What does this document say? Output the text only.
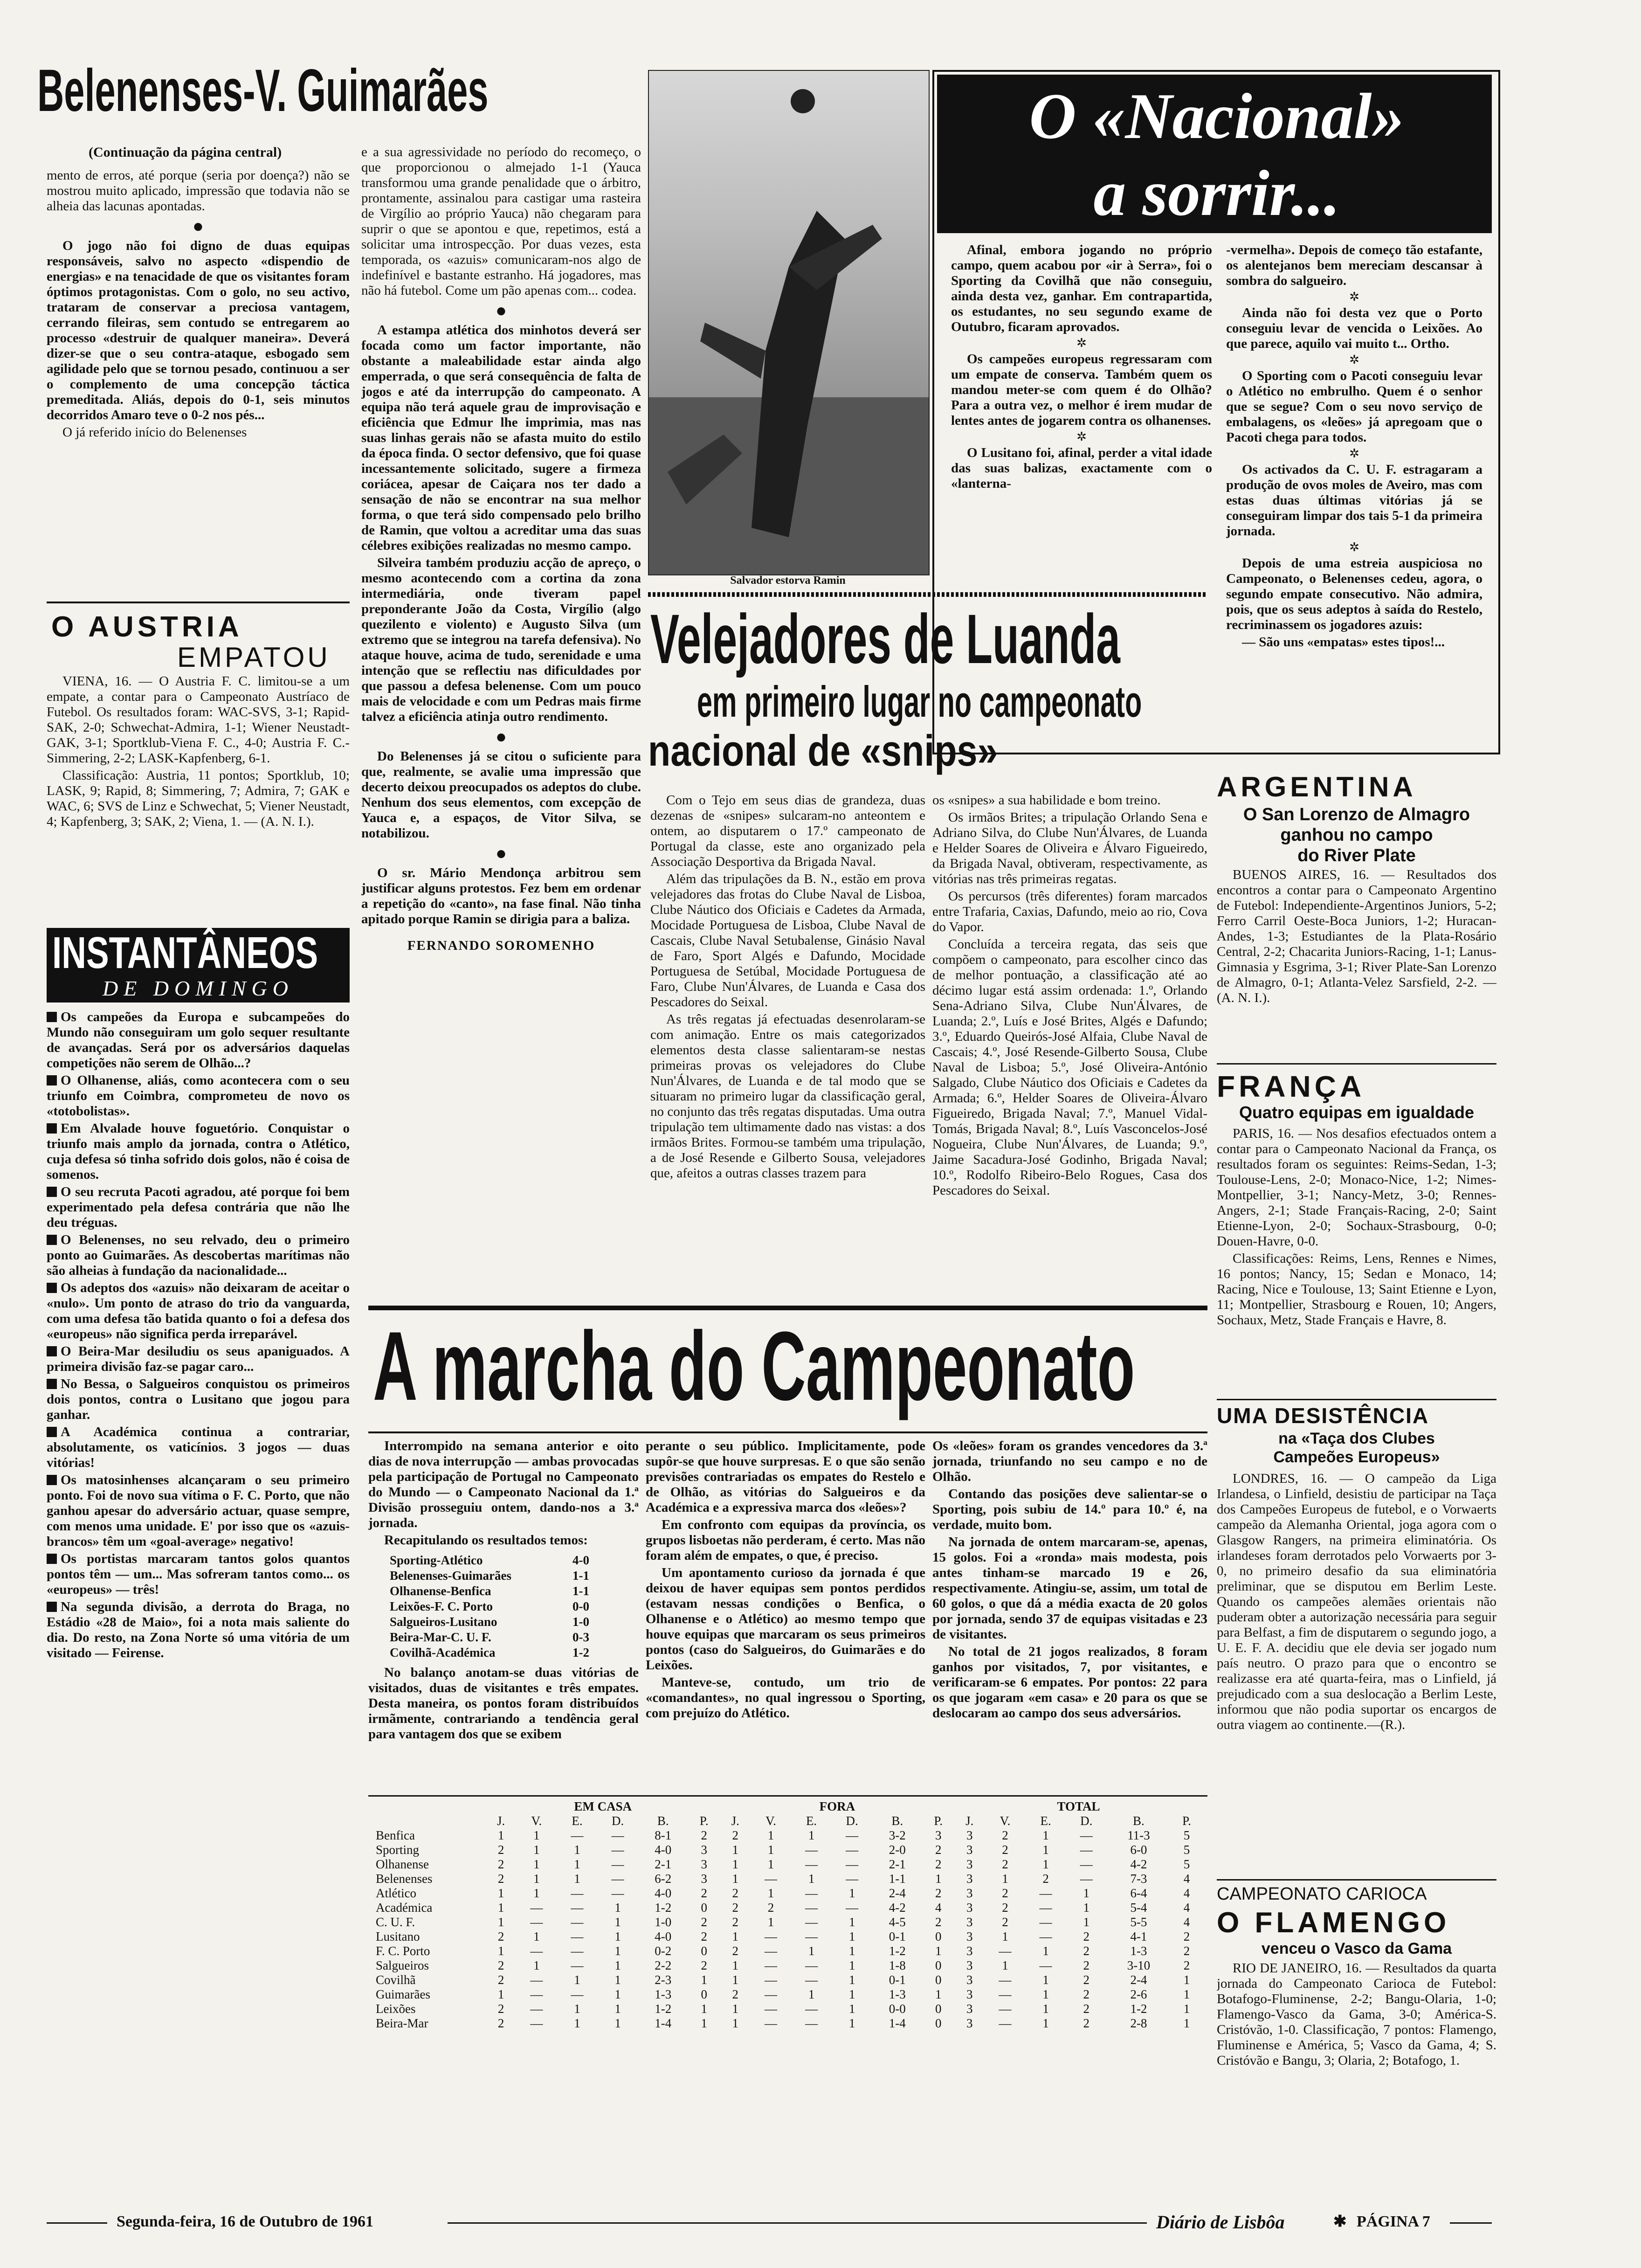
Belenenses-V. Guimarães
(Continuação da página central)

mento de erros, até porque (seria por doença?) não se mostrou muito aplicado, impressão que todavia não se alheia das lacunas apontadas.

●

O jogo não foi digno de duas equipas responsáveis, salvo no aspecto «dispendio de energias» e na tenacidade de que os visitantes foram óptimos protagonistas. Com o golo, no seu activo, trataram de conservar a preciosa vantagem, cerrando fileiras, sem contudo se entregarem ao processo «destruir de qualquer maneira». Deverá dizer-se que o seu contra-ataque, esbogado sem agilidade pelo que se tornou pesado, continuou a ser o complemento de uma concepção táctica premeditada. Aliás, depois do 0-1, seis minutos decorridos Amaro teve o 0-2 nos pés...

O já referido início do Belenenses

e a sua agressividade no período do recomeço, o que proporcionou o almejado 1-1 (Yauca transformou uma grande penalidade que o árbitro, prontamente, assinalou para castigar uma rasteira de Virgílio ao próprio Yauca) não chegaram para suprir o que se apontou e que, repetimos, está a solicitar uma introspecção. Por duas vezes, esta temporada, os «azuis» comunicaram-nos algo de indefinível e bastante estranho. Há jogadores, mas não há futebol. Come um pão apenas com... codea.

●

A estampa atlética dos minhotos deverá ser focada como um factor importante, não obstante a maleabilidade estar ainda algo emperrada, o que será consequência de falta de jogos e até da interrupção do campeonato. A equipa não terá aquele grau de improvisação e eficiência que Edmur lhe imprimia, mas nas suas linhas gerais não se afasta muito do estilo da época finda. O sector defensivo, que foi quase incessantemente solicitado, sugere a firmeza coriácea, apesar de Caiçara nos ter dado a sensação de não se encontrar na sua melhor forma, o que terá sido compensado pelo brilho de Ramin, que voltou a acreditar uma das suas célebres exibições realizadas no mesmo campo.

Silveira também produziu acção de apreço, o mesmo acontecendo com a cortina da zona intermediária, onde tiveram papel preponderante João da Costa, Virgílio (algo quezilento e violento) e Augusto Silva (um extremo que se integrou na tarefa defensiva). No ataque houve, acima de tudo, serenidade e uma intenção que se reflectiu nas dificuldades por que passou a defesa belenense. Com um pouco mais de velocidade e com um Pedras mais firme talvez a eficiência atinja outro rendimento.

●

Do Belenenses já se citou o suficiente para que, realmente, se avalie uma impressão que decerto deixou preocupados os adeptos do clube. Nenhum dos seus elementos, com excepção de Yauca e, a espaços, de Vitor Silva, se notabilizou.

●

O sr. Mário Mendonça arbitrou sem justificar alguns protestos. Fez bem em ordenar a repetição do «canto», na fase final. Não tinha apitado porque Ramin se dirigia para a baliza.

FERNANDO SOROMENHO
Salvador estorva Ramin
O «Nacional»
a sorrir...

Afinal, embora jogando no próprio campo, quem acabou por «ir à Serra», foi o Sporting da Covilhã que não conseguiu, ainda desta vez, ganhar. Em contrapartida, os estudantes, no seu segundo exame de Outubro, ficaram aprovados.

✲

Os campeões europeus regressaram com um empate de conserva. Também quem os mandou meter-se com quem é do Olhão? Para a outra vez, o melhor é irem mudar de lentes antes de jogarem contra os olhanenses.

✲

O Lusitano foi, afinal, perder a vital idade das suas balizas, exactamente com o «lanterna-

-vermelha». Depois de começo tão estafante, os alentejanos bem mereciam descansar à sombra do salgueiro.

✲

Ainda não foi desta vez que o Porto conseguiu levar de vencida o Leixões. Ao que parece, aquilo vai muito t... Ortho.

✲

O Sporting com o Pacoti conseguiu levar o Atlético no embrulho. Quem é o senhor que se segue? Com o seu novo serviço de embalagens, os «leões» já apregoam que o Pacoti chega para todos.

✲

Os activados da C. U. F. estragaram a produção de ovos moles de Aveiro, mas com estas duas últimas vitórias já se conseguiram limpar dos tais 5-1 da primeira jornada.

✲

Depois de uma estreia auspiciosa no Campeonato, o Belenenses cedeu, agora, o segundo empate consecutivo. Não admira, pois, que os seus adeptos à saída do Restelo, recriminassem os jogadores azuis:

— São uns «empatas» estes tipos!...

O AUSTRIA
EMPATOU

VIENA, 16. — O Austria F. C. limitou-se a um empate, a contar para o Campeonato Austríaco de Futebol. Os resultados foram: WAC-SVS, 3-1; Rapid-SAK, 2-0; Schwechat-Admira, 1-1; Wiener Neustadt-GAK, 3-1; Sportklub-Viena F. C., 4-0; Austria F. C.-Simmering, 2-2; LASK-Kapfenberg, 6-1.

Classificação: Austria, 11 pontos; Sportklub, 10; LASK, 9; Rapid, 8; Simmering, 7; Admira, 7; GAK e WAC, 6; SVS de Linz e Schwechat, 5; Viener Neustadt, 4; Kapfenberg, 3; SAK, 2; Viena, 1. — (A. N. I.).

INSTANTÂNEOS
DE DOMINGO

Os campeões da Europa e subcampeões do Mundo não conseguiram um golo sequer resultante de avançadas. Será por os adversários daquelas competições não serem de Olhão...?

O Olhanense, aliás, como acontecera com o seu triunfo em Coimbra, comprometeu de novo os «totobolistas».

Em Alvalade houve foguetório. Conquistar o triunfo mais amplo da jornada, contra o Atlético, cuja defesa só tinha sofrido dois golos, não é coisa de somenos.

O seu recruta Pacoti agradou, até porque foi bem experimentado pela defesa contrária que não lhe deu tréguas.

O Belenenses, no seu relvado, deu o primeiro ponto ao Guimarães. As descobertas marítimas não são alheias à fundação da nacionalidade...

Os adeptos dos «azuis» não deixaram de aceitar o «nulo». Um ponto de atraso do trio da vanguarda, com uma defesa tão batida quanto o foi a defesa dos «europeus» não significa perda irreparável.

O Beira-Mar desiludiu os seus apaniguados. A primeira divisão faz-se pagar caro...

No Bessa, o Salgueiros conquistou os primeiros dois pontos, contra o Lusitano que jogou para ganhar.

A Académica continua a contrariar, absolutamente, os vaticínios. 3 jogos — duas vitórias!

Os matosinhenses alcançaram o seu primeiro ponto. Foi de novo sua vítima o F. C. Porto, que não ganhou apesar do adversário actuar, quase sempre, com menos uma unidade. E' por isso que os «azuis-brancos» têm um «goal-average» negativo!

Os portistas marcaram tantos golos quantos pontos têm — um... Mas sofreram tantos como... os «europeus» — três!

Na segunda divisão, a derrota do Braga, no Estádio «28 de Maio», foi a nota mais saliente do dia. Do resto, na Zona Norte só uma vitória de um visitado — Feirense.

Velejadores de Luanda
em primeiro lugar no campeonato
nacional de «snips»

Com o Tejo em seus dias de grandeza, duas dezenas de «snipes» sulcaram-no anteontem e ontem, ao disputarem o 17.º campeonato de Portugal da classe, este ano organizado pela Associação Desportiva da Brigada Naval.

Além das tripulações da B. N., estão em prova velejadores das frotas do Clube Naval de Lisboa, Clube Náutico dos Oficiais e Cadetes da Armada, Mocidade Portuguesa de Lisboa, Clube Naval de Cascais, Clube Naval Setubalense, Ginásio Naval de Faro, Sport Algés e Dafundo, Mocidade Portuguesa de Setúbal, Mocidade Portuguesa de Faro, Clube Nun'Álvares, de Luanda e Casa dos Pescadores do Seixal.

As três regatas já efectuadas desenrolaram-se com animação. Entre os mais categorizados elementos desta classe salientaram-se nestas primeiras provas os velejadores do Clube Nun'Álvares, de Luanda e de tal modo que se situaram no primeiro lugar da classificação geral, no conjunto das três regatas disputadas. Uma outra tripulação tem ultimamente dado nas vistas: a dos irmãos Brites. Formou-se também uma tripulação, a de José Resende e Gilberto Sousa, velejadores que, afeitos a outras classes trazem para

os «snipes» a sua habilidade e bom treino.

Os irmãos Brites; a tripulação Orlando Sena e Adriano Silva, do Clube Nun'Álvares, de Luanda e Helder Soares de Oliveira e Álvaro Figueiredo, da Brigada Naval, obtiveram, respectivamente, as vitórias nas três primeiras regatas.

Os percursos (três diferentes) foram marcados entre Trafaria, Caxias, Dafundo, meio ao rio, Cova do Vapor.

Concluída a terceira regata, das seis que compõem o campeonato, para escolher cinco das de melhor pontuação, a classificação até ao décimo lugar está assim ordenada: 1.º, Orlando Sena-Adriano Silva, Clube Nun'Álvares, de Luanda; 2.º, Luís e José Brites, Algés e Dafundo; 3.º, Eduardo Queirós-José Alfaia, Clube Naval de Cascais; 4.º, José Resende-Gilberto Sousa, Clube Naval de Lisboa; 5.º, José Oliveira-António Salgado, Clube Náutico dos Oficiais e Cadetes da Armada; 6.º, Helder Soares de Oliveira-Álvaro Figueiredo, Brigada Naval; 7.º, Manuel Vidal-Tomás, Brigada Naval; 8.º, Luís Vasconcelos-José Nogueira, Clube Nun'Álvares, de Luanda; 9.º, Jaime Sacadura-José Godinho, Brigada Naval; 10.º, Rodolfo Ribeiro-Belo Rogues, Casa dos Pescadores do Seixal.

ARGENTINA
O San Lorenzo de Almagro
ganhou no campo
do River Plate

BUENOS AIRES, 16. — Resultados dos encontros a contar para o Campeonato Argentino de Futebol: Independiente-Argentinos Juniors, 5-2; Ferro Carril Oeste-Boca Juniors, 1-2; Huracan-Andes, 1-3; Estudiantes de la Plata-Rosário Central, 2-2; Chacarita Juniors-Racing, 1-1; Lanus-Gimnasia y Esgrima, 3-1; River Plate-San Lorenzo de Almagro, 0-1; Atlanta-Velez Sarsfield, 2-2. — (A. N. I.).

FRANÇA
Quatro equipas em igualdade

PARIS, 16. — Nos desafios efectuados ontem a contar para o Campeonato Nacional da França, os resultados foram os seguintes: Reims-Sedan, 1-3; Toulouse-Lens, 2-0; Monaco-Nice, 1-2; Nimes-Montpellier, 3-1; Nancy-Metz, 3-0; Rennes-Angers, 2-1; Stade Français-Racing, 2-0; Saint Etienne-Lyon, 2-0; Sochaux-Strasbourg, 0-0; Douen-Havre, 0-0.

Classificações: Reims, Lens, Rennes e Nimes, 16 pontos; Nancy, 15; Sedan e Monaco, 14; Racing, Nice e Toulouse, 13; Saint Etienne e Lyon, 11; Montpellier, Strasbourg e Rouen, 10; Angers, Sochaux, Metz, Stade Français e Havre, 8.

UMA DESISTÊNCIA
na «Taça dos Clubes
Campeões Europeus»

LONDRES, 16. — O campeão da Liga Irlandesa, o Linfield, desistiu de participar na Taça dos Campeões Europeus de futebol, e o Vorwaerts campeão da Alemanha Oriental, joga agora com o Glasgow Rangers, na primeira eliminatória. Os irlandeses foram derrotados pelo Vorwaerts por 3-0, no primeiro desafio da sua eliminatória preliminar, que se disputou em Berlim Leste. Quando os campeões alemães orientais não puderam obter a autorização necessária para seguir para Belfast, a fim de disputarem o segundo jogo, a U. E. F. A. decidiu que ele devia ser jogado num país neutro. O prazo para que o encontro se realizasse era até quarta-feira, mas o Linfield, já prejudicado com a sua deslocação a Berlim Leste, informou que não podia suportar os encargos de outra viagem ao continente.—(R.).

CAMPEONATO CARIOCA
O FLAMENGO
venceu o Vasco da Gama

RIO DE JANEIRO, 16. — Resultados da quarta jornada do Campeonato Carioca de Futebol: Botafogo-Fluminense, 2-2; Bangu-Olaria, 1-0; Flamengo-Vasco da Gama, 3-0; América-S. Cristóvão, 1-0. Classificação, 7 pontos: Flamengo, Fluminense e América, 5; Vasco da Gama, 4; S. Cristóvão e Bangu, 3; Olaria, 2; Botafogo, 1.

A marcha do Campeonato

Interrompido na semana anterior e oito dias de nova interrupção — ambas provocadas pela participação de Portugal no Campeonato do Mundo — o Campeonato Nacional da 1.ª Divisão prosseguiu ontem, dando-nos a 3.ª jornada.

Recapitulando os resultados temos:

Sporting-Atlético	4-0
Belenenses-Guimarães	1-1
Olhanense-Benfica	1-1
Leixões-F. C. Porto	0-0
Salgueiros-Lusitano	1-0
Beira-Mar-C. U. F.	0-3
Covilhã-Académica	1-2

No balanço anotam-se duas vitórias de visitados, duas de visitantes e três empates. Desta maneira, os pontos foram distribuídos irmãmente, contrariando a tendência geral para vantagem dos que se exibem

perante o seu público. Implicitamente, pode supôr-se que houve surpresas. E o que são senão previsões contrariadas os empates do Restelo e de Olhão, as vitórias do Salgueiros e da Académica e a expressiva marca dos «leões»?

Em confronto com equipas da província, os grupos lisboetas não perderam, é certo. Mas não foram além de empates, o que, é preciso.

Um apontamento curioso da jornada é que deixou de haver equipas sem pontos perdidos (estavam nessas condições o Benfica, o Olhanense e o Atlético) ao mesmo tempo que houve equipas que marcaram os seus primeiros pontos (caso do Salgueiros, do Guimarães e do Leixões.

Manteve-se, contudo, um trio de «comandantes», no qual ingressou o Sporting, com prejuízo do Atlético.

Os «leões» foram os grandes vencedores da 3.ª jornada, triunfando no seu campo e no de Olhão.

Contando das posições deve salientar-se o Sporting, pois subiu de 14.º para 10.º é, na verdade, muito bom.

Na jornada de ontem marcaram-se, apenas, 15 golos. Foi a «ronda» mais modesta, pois antes tinham-se marcado 19 e 26, respectivamente. Atingiu-se, assim, um total de 60 golos, o que dá a média exacta de 20 golos por jornada, sendo 37 de equipas visitadas e 23 de visitantes.

No total de 21 jogos realizados, 8 foram ganhos por visitados, 7, por visitantes, e verificaram-se 6 empates. Por pontos: 22 para os que jogaram «em casa» e 20 para os que se deslocaram ao campo dos seus adversários.

	EM CASA						FORA						TOTAL					
	J.	V.	E.	D.	B.	P.	J.	V.	E.	D.	B.	P.	J.	V.	E.	D.	B.	P.
Benfica	1	1	—	—	8-1	2	2	1	1	—	3-2	3	3	2	1	—	11-3	5
Sporting	2	1	1	—	4-0	3	1	1	—	—	2-0	2	3	2	1	—	6-0	5
Olhanense	2	1	1	—	2-1	3	1	1	—	—	2-1	2	3	2	1	—	4-2	5
Belenenses	2	1	1	—	6-2	3	1	—	1	—	1-1	1	3	1	2	—	7-3	4
Atlético	1	1	—	—	4-0	2	2	1	—	1	2-4	2	3	2	—	1	6-4	4
Académica	1	—	—	1	1-2	0	2	2	—	—	4-2	4	3	2	—	1	5-4	4
C. U. F.	1	—	—	1	1-0	2	2	1	—	1	4-5	2	3	2	—	1	5-5	4
Lusitano	2	1	—	1	4-0	2	1	—	—	1	0-1	0	3	1	—	2	4-1	2
F. C. Porto	1	—	—	1	0-2	0	2	—	1	1	1-2	1	3	—	1	2	1-3	2
Salgueiros	2	1	—	1	2-2	2	1	—	—	1	1-8	0	3	1	—	2	3-10	2
Covilhã	2	—	1	1	2-3	1	1	—	—	1	0-1	0	3	—	1	2	2-4	1
Guimarães	1	—	—	1	1-3	0	2	—	1	1	1-3	1	3	—	1	2	2-6	1
Leixões	2	—	1	1	1-2	1	1	—	—	1	0-0	0	3	—	1	2	1-2	1
Beira-Mar	2	—	1	1	1-4	1	1	—	—	1	1-4	0	3	—	1	2	2-8	1
Segunda-feira, 16 de Outubro de 1961	Diário de Lisbôa	✱ PÁGINA 7
